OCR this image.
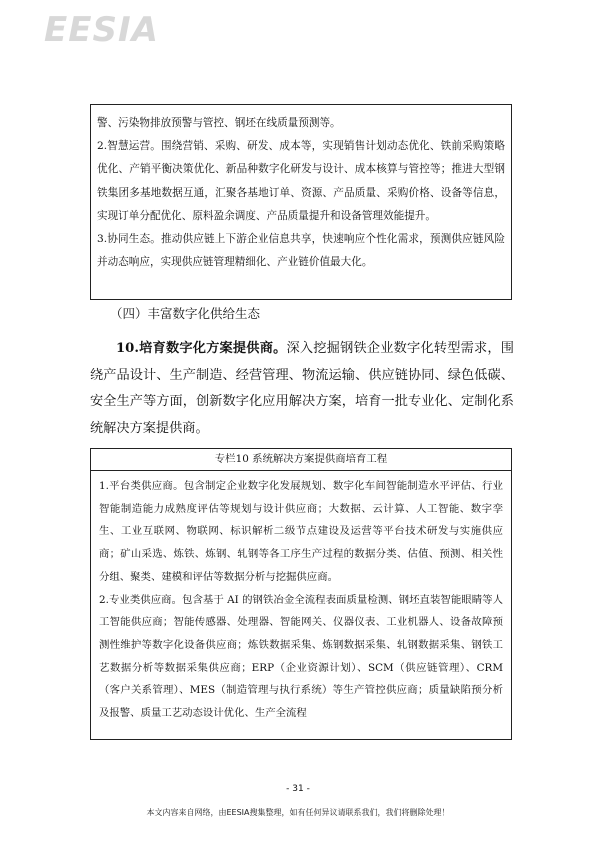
EESIA
警、污染物排放预警与管控、钢坯在线质量预测等。
2.智慧运营。围绕营销、采购、研发、成本等，实现销售计划动态优化、铁前采购策略优化、产销平衡决策优化、新品种数字化研发与设计、成本核算与管控等；推进大型钢铁集团多基地数据互通，汇聚各基地订单、资源、产品质量、采购价格、设备等信息，实现订单分配优化、原料盈余调度、产品质量提升和设备管理效能提升。
3.协同生态。推动供应链上下游企业信息共享，快速响应个性化需求，预测供应链风险并动态响应，实现供应链管理精细化、产业链价值最大化。
（四）丰富数字化供给生态
10.培育数字化方案提供商。深入挖掘钢铁企业数字化转型需求，围绕产品设计、生产制造、经营管理、物流运输、供应链协同、绿色低碳、安全生产等方面，创新数字化应用解决方案，培育一批专业化、定制化系统解决方案提供商。
专栏10 系统解决方案提供商培育工程
1.平台类供应商。包含制定企业数字化发展规划、数字化车间智能制造水平评估、行业智能制造能力成熟度评估等规划与设计供应商；大数据、云计算、人工智能、数字孪生、工业互联网、物联网、标识解析二级节点建设及运营等平台技术研发与实施供应商；矿山采选、炼铁、炼钢、轧钢等各工序生产过程的数据分类、估值、预测、相关性分组、聚类、建模和评估等数据分析与挖掘供应商。
2.专业类供应商。包含基于 AI 的钢铁冶金全流程表面质量检测、钢坯直装智能眼睛等人工智能供应商；智能传感器、处理器、智能网关、仪器仪表、工业机器人、设备故障预测性维护等数字化设备供应商；炼铁数据采集、炼钢数据采集、轧钢数据采集、钢铁工艺数据分析等数据采集供应商；ERP（企业资源计划）、SCM（供应链管理）、CRM（客户关系管理）、MES（制造管理与执行系统）等生产管控供应商；质量缺陷预分析及报警、质量工艺动态设计优化、生产全流程
- 31 -
本文内容来自网络，由EESIA搜集整理，如有任何异议请联系我们，我们将删除处理！
